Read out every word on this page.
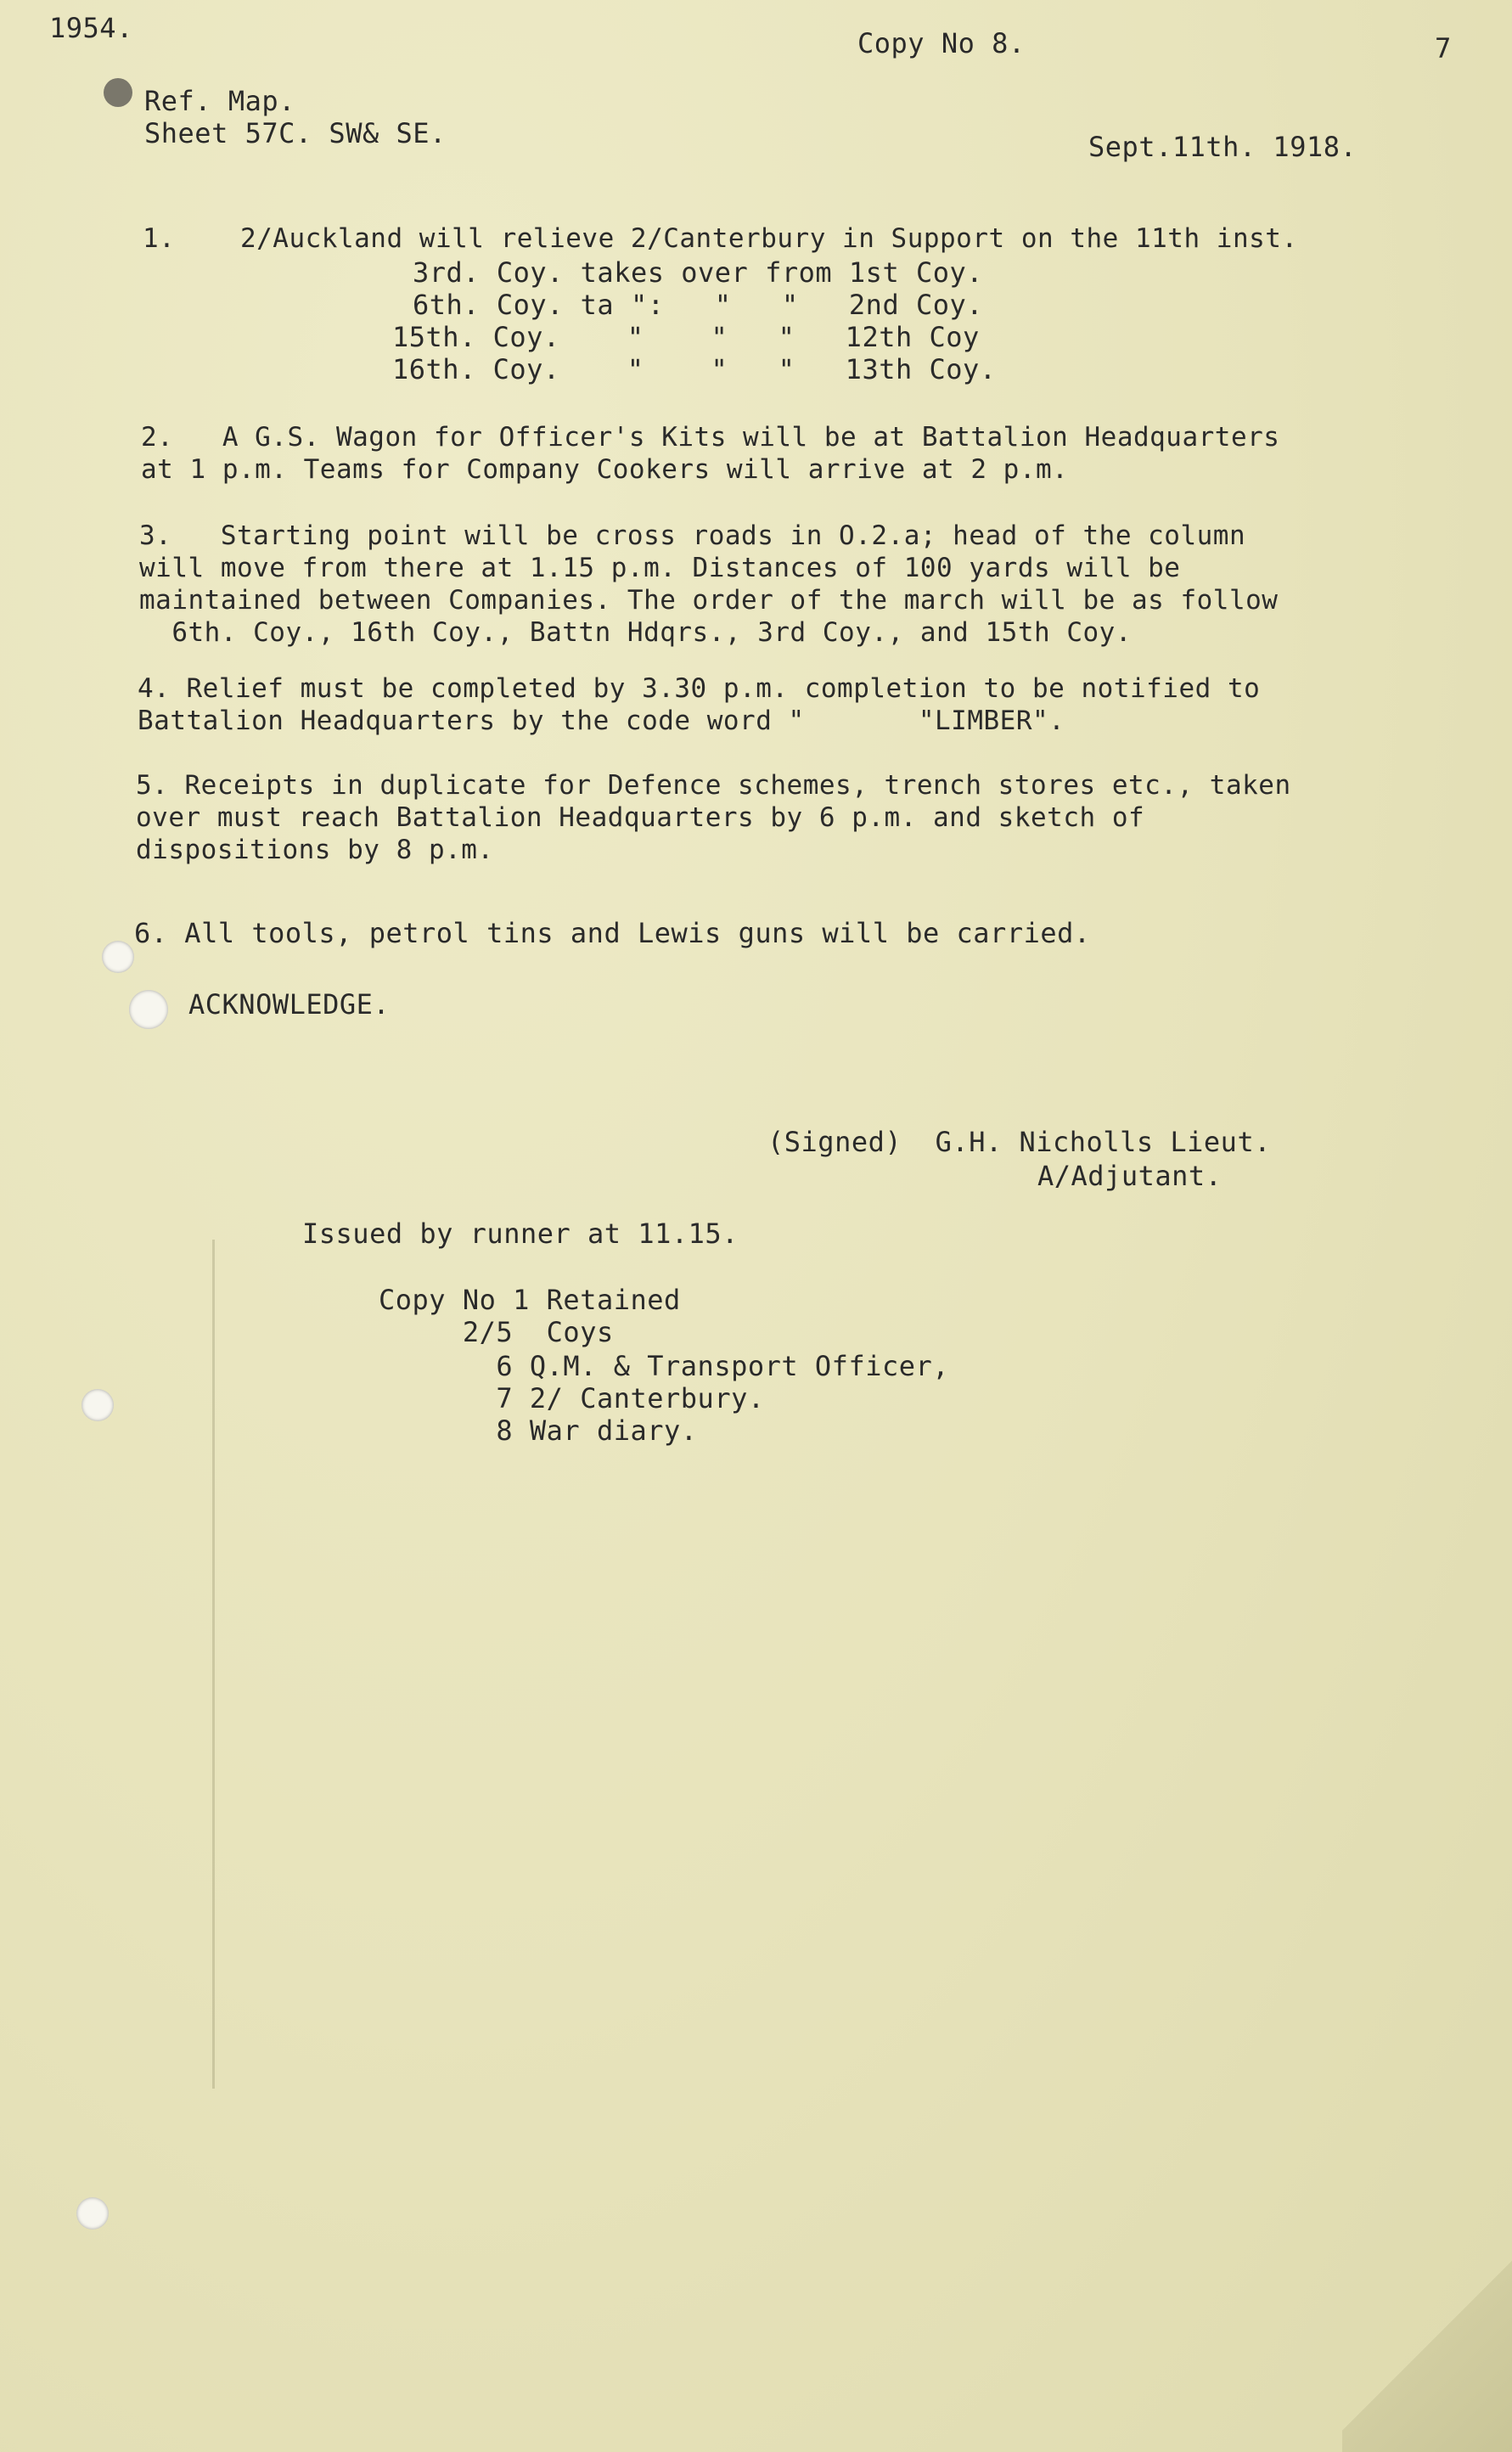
1954.	Copy No 8.	7
Ref. Map.
Sheet 57C. SW& SE.	Sept.11th. 1918.
1.    2/Auckland will relieve 2/Canterbury in Support on the 11th inst.
3rd. Coy. takes over from 1st Coy.
6th. Coy. ta ":   "   "   2nd Coy.
15th. Coy.    "    "   "   12th Coy
16th. Coy.    "    "   "   13th Coy.
2.   A G.S. Wagon for Officer's Kits will be at Battalion Headquarters
at 1 p.m. Teams for Company Cookers will arrive at 2 p.m.
3.   Starting point will be cross roads in O.2.a; head of the column
will move from there at 1.15 p.m. Distances of 100 yards will be
maintained between Companies. The order of the march will be as follow
6th. Coy., 16th Coy., Battn Hdqrs., 3rd Coy., and 15th Coy.
4. Relief must be completed by 3.30 p.m. completion to be notified to
Battalion Headquarters by the code word "       "LIMBER".
5. Receipts in duplicate for Defence schemes, trench stores etc., taken
over must reach Battalion Headquarters by 6 p.m. and sketch of
dispositions by 8 p.m.
6. All tools, petrol tins and Lewis guns will be carried.
ACKNOWLEDGE.
(Signed)  G.H. Nicholls Lieut.
A/Adjutant.
Issued by runner at 11.15.
Copy No 1 Retained
2/5  Coys
6 Q.M. & Transport Officer,
7 2/ Canterbury.
8 War diary.
